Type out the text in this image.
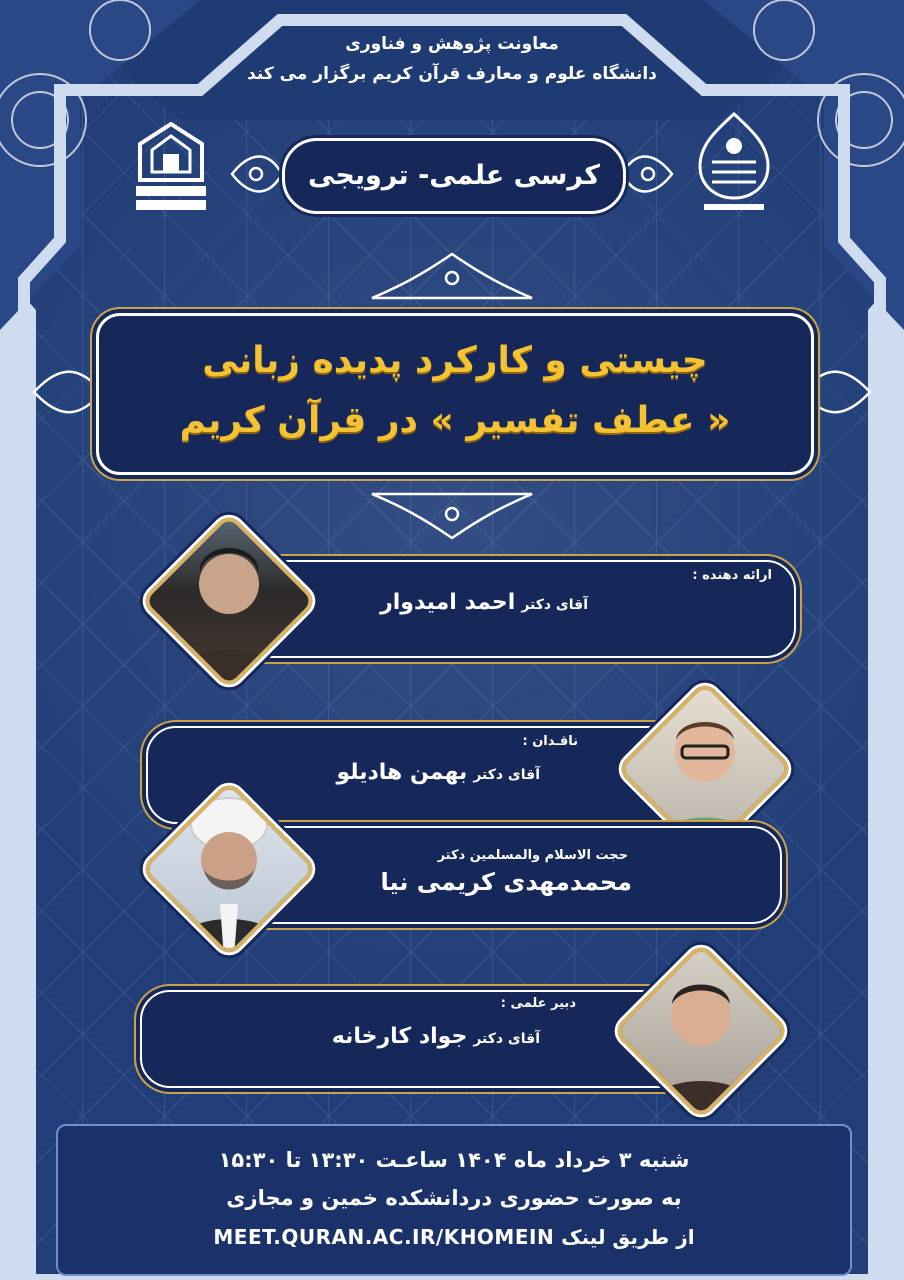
معاونت پژوهش و فناوری
دانشگاه علوم و معارف قرآن کریم برگزار می کند
کرسی علمی- ترویجی
چیستی و کارکرد پدیده زبانی
« عطف تفسیر » در قرآن کریم
ارائه دهنده :
آقای دکتراحمد امیدوار
ناقـدان :
آقای دکتربهمن هادیلو
حجت الاسلام والمسلمین دکتر
محمدمهدی کریمی نیا
دبیر علمی :
آقای دکترجواد کارخانه
شنبه ۳ خرداد ماه ۱۴۰۴ ساعـت ۱۳:۳۰ تا ۱۵:۳۰
به صورت حضوری دردانشکده خمین و مجازی
از طریق لینک MEET.QURAN.AC.IR/KHOMEIN
